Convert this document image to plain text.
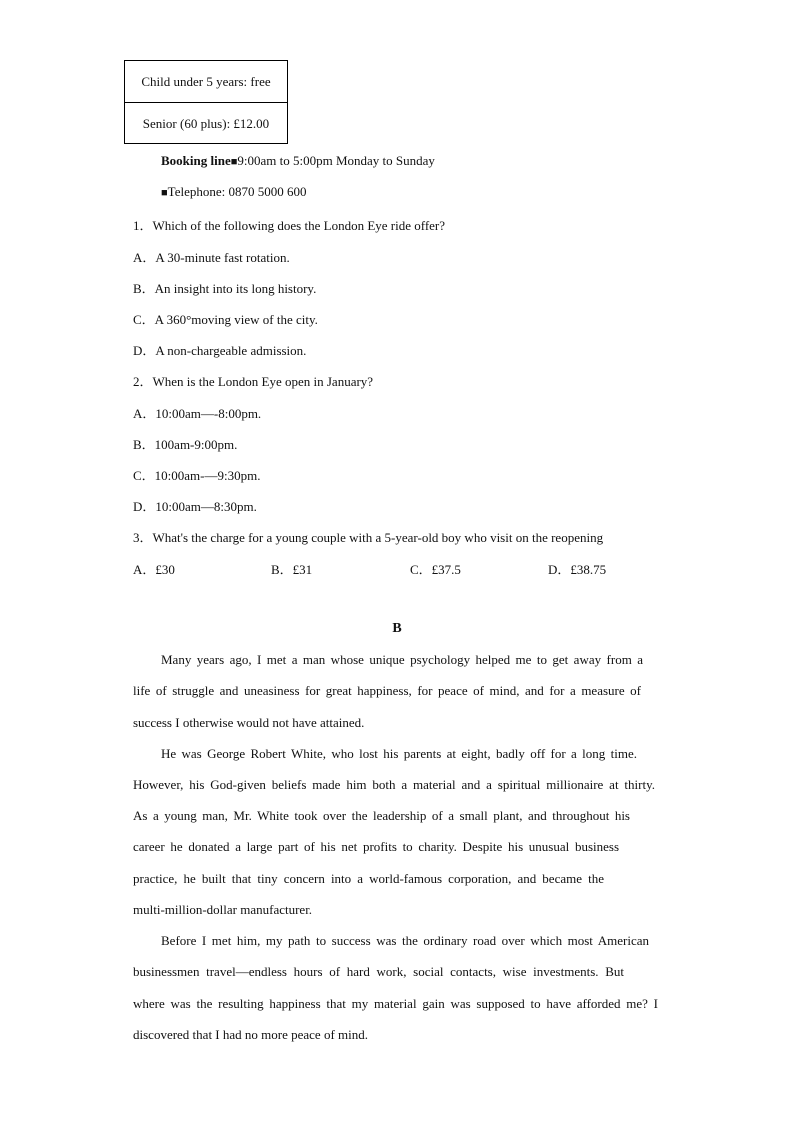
Child under 5 years: free
Senior (60 plus): £12.00
Booking line■9:00am to 5:00pm Monday to Sunday
■Telephone: 0870 5000 600
1．Which of the following does the London Eye ride offer?
A．A 30-minute fast rotation.
B．An insight into its long history.
C．A 360°moving view of the city.
D．A non-chargeable admission.
2．When is the London Eye open in January?
A．10:00am—-8:00pm.
B．100am-9:00pm.
C．10:00am-—9:30pm.
D．10:00am—8:30pm.
3．What's the charge for a young couple with a 5-year-old boy who visit on the reopening
A．£30	B．£31	C．£37.5	D．£38.75
B
Many years ago, I met a man whose unique psychology helped me to get away from a
life of struggle and uneasiness for great happiness, for peace of mind, and for a measure of
success I otherwise would not have attained.
He was George Robert White, who lost his parents at eight, badly off for a long time.
However, his God-given beliefs made him both a material and a spiritual millionaire at thirty.
As a young man, Mr. White took over the leadership of a small plant, and throughout his
career he donated a large part of his net profits to charity. Despite his unusual business
practice, he built that tiny concern into a world-famous corporation, and became the
multi-million-dollar manufacturer.
Before I met him, my path to success was the ordinary road over which most American
businessmen travel—endless hours of hard work, social contacts, wise investments. But
where was the resulting happiness that my material gain was supposed to have afforded me? I
discovered that I had no more peace of mind.
